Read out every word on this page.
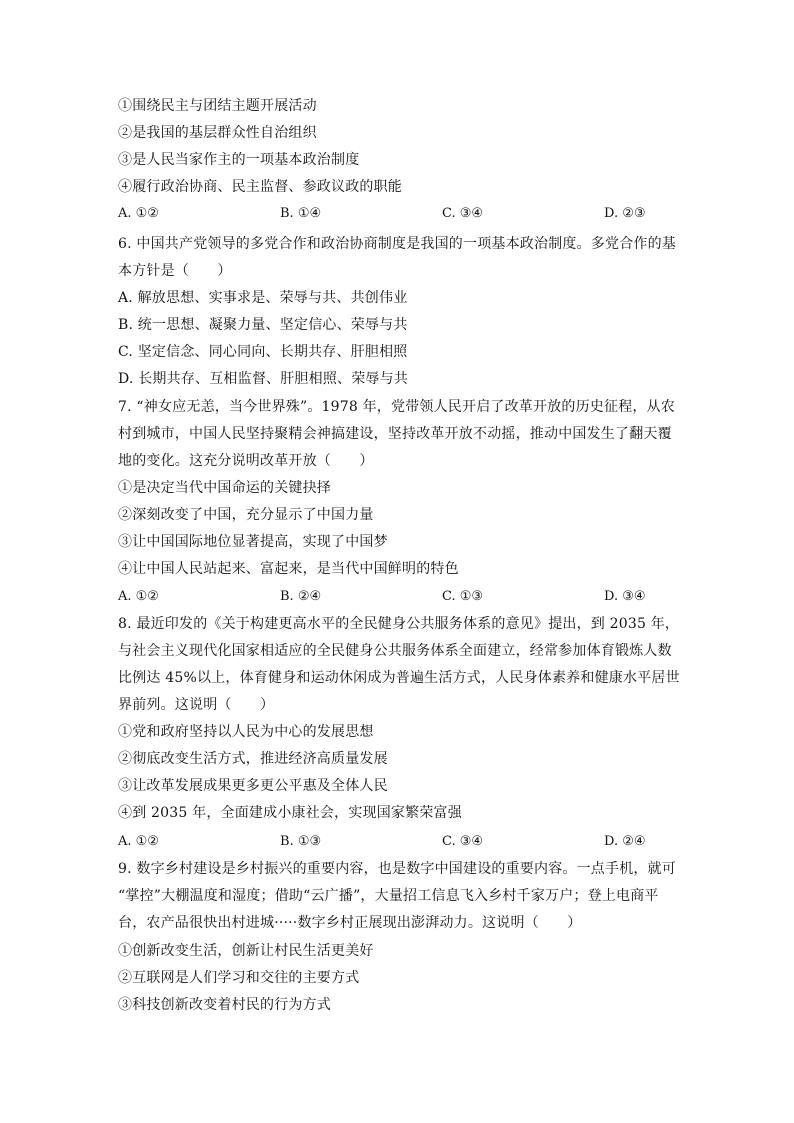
①围绕民主与团结主题开展活动
②是我国的基层群众性自治组织
③是人民当家作主的一项基本政治制度
④履行政治协商、民主监督、参政议政的职能
A. ①②	B. ①④	C. ③④	D. ②③
6. 中国共产党领导的多党合作和政治协商制度是我国的一项基本政治制度。多党合作的基
本方针是（　　）
A. 解放思想、实事求是、荣辱与共、共创伟业
B. 统一思想、凝聚力量、坚定信心、荣辱与共
C. 坚定信念、同心同向、长期共存、肝胆相照
D. 长期共存、互相监督、肝胆相照、荣辱与共
7. “神女应无恙，当今世界殊”。1978 年，党带领人民开启了改革开放的历史征程，从农
村到城市，中国人民坚持聚精会神搞建设，坚持改革开放不动摇，推动中国发生了翻天覆
地的变化。这充分说明改革开放（　　）
①是决定当代中国命运的关键抉择
②深刻改变了中国，充分显示了中国力量
③让中国国际地位显著提高，实现了中国梦
④让中国人民站起来、富起来，是当代中国鲜明的特色
A. ①②	B. ②④	C. ①③	D. ③④
8. 最近印发的《关于构建更高水平的全民健身公共服务体系的意见》提出，到 2035 年，
与社会主义现代化国家相适应的全民健身公共服务体系全面建立，经常参加体育锻炼人数
比例达 45%以上，体育健身和运动休闲成为普遍生活方式，人民身体素养和健康水平居世
界前列。这说明（　　）
①党和政府坚持以人民为中心的发展思想
②彻底改变生活方式，推进经济高质量发展
③让改革发展成果更多更公平惠及全体人民
④到 2035 年，全面建成小康社会，实现国家繁荣富强
A. ①②	B. ①③	C. ③④	D. ②④
9. 数字乡村建设是乡村振兴的重要内容，也是数字中国建设的重要内容。一点手机，就可
“掌控”大棚温度和湿度；借助“云广播”，大量招工信息飞入乡村千家万户；登上电商平
台，农产品很快出村进城·····数字乡村正展现出澎湃动力。这说明（　　）
①创新改变生活，创新让村民生活更美好
②互联网是人们学习和交往的主要方式
③科技创新改变着村民的行为方式
